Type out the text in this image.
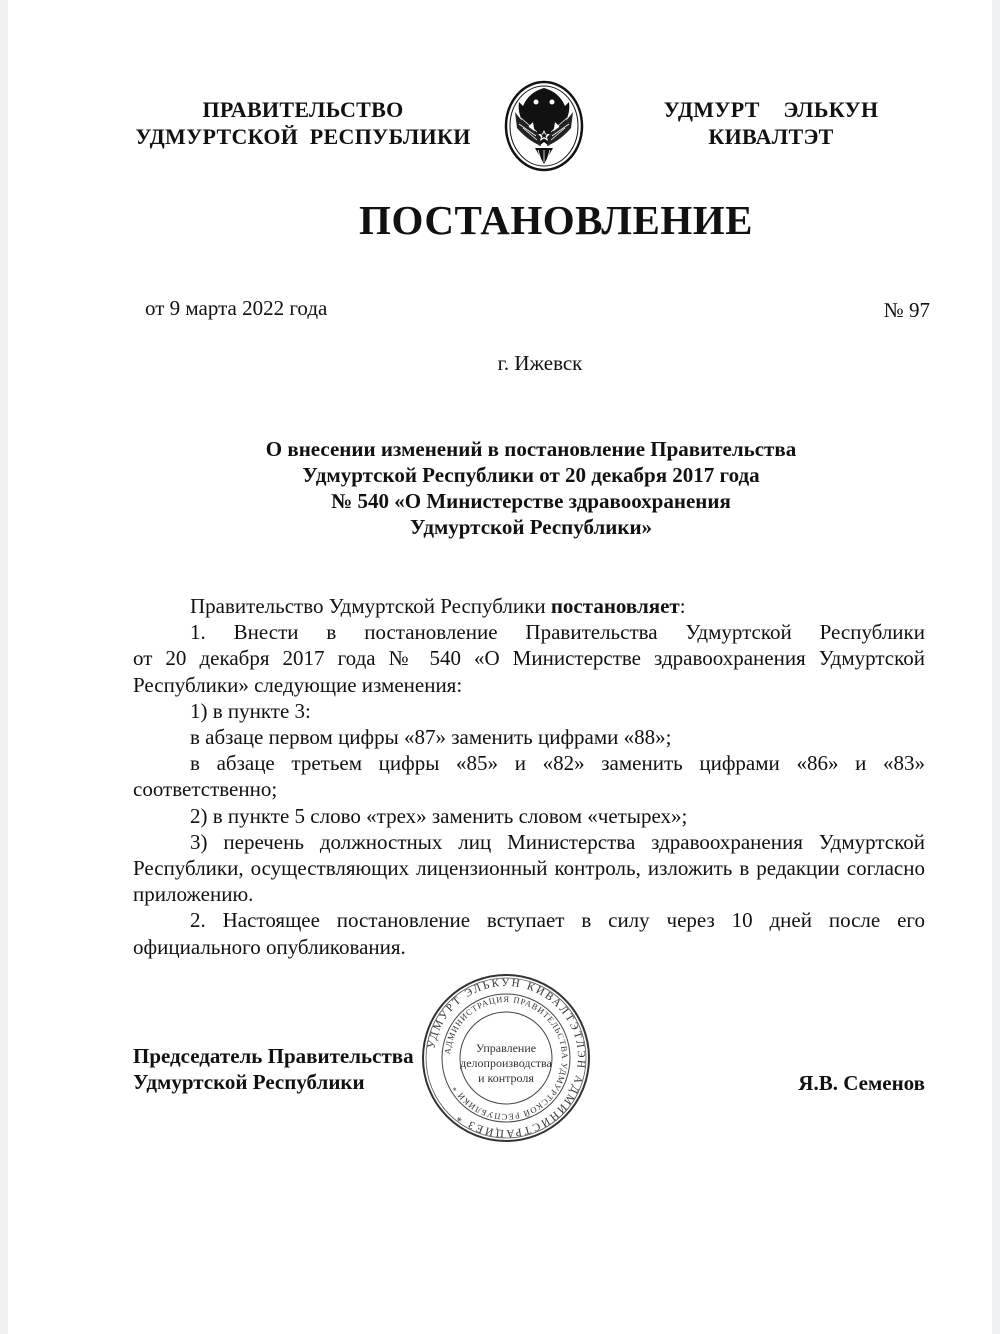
ПРАВИТЕЛЬСТВО
УДМУРТСКОЙ  РЕСПУБЛИКИ
УДМУРТ  ЭЛЬКУН
КИВАЛТЭТ
ПОСТАНОВЛЕНИЕ
от 9 марта 2022 года	№ 97
г. Ижевск
О внесении изменений в постановление Правительства
Удмуртской Республики от 20 декабря 2017 года
№ 540 «О Министерстве здравоохранения
Удмуртской Республики»

Правительство Удмуртской Республики постановляет:

1. Внести в постановление Правительства Удмуртской Республики

от 20 декабря 2017 года № 540 «О Министерстве здравоохранения Удмуртской Республики» следующие изменения:

1) в пункте 3:

в абзаце первом цифры «87» заменить цифрами «88»;

в абзаце третьем цифры «85» и «82» заменить цифрами «86» и «83» соответственно;

2) в пункте 5 слово «трех» заменить словом «четырех»;

3) перечень должностных лиц Министерства здравоохранения Удмуртской Республики, осуществляющих лицензионный контроль, изложить в редакции согласно приложению.

2. Настоящее постановление вступает в силу через 10 дней после его официального опубликования.

Председатель Правительства
Удмуртской Республики	Я.В. Семенов
УДМУРТ ЭЛЬКУН КИВАЛТЭТЛЭН АДМИНИСТРАЦИЕЗ *
АДМИНИСТРАЦИЯ ПРАВИТЕЛЬСТВА УДМУРТСКОЙ РЕСПУБЛИКИ *
Управление
делопроизводства
и контроля
